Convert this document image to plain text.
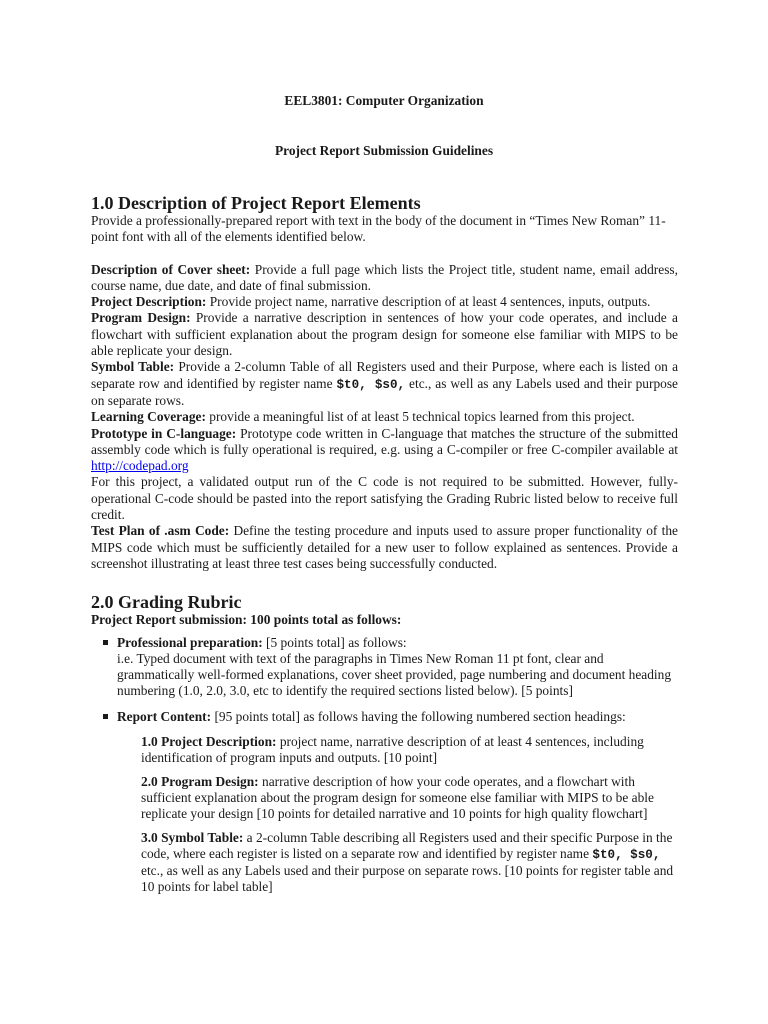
EEL3801: Computer Organization

Project Report Submission Guidelines

1.0 Description of Project Report Elements

Provide a professionally-prepared report with text in the body of the document in “Times New Roman” 11-point font with all of the elements identified below.

Description of Cover sheet: Provide a full page which lists the Project title, student name, email address, course name, due date, and date of final submission.

Project Description: Provide project name, narrative description of at least 4 sentences, inputs, outputs.

Program Design: Provide a narrative description in sentences of how your code operates, and include a flowchart with sufficient explanation about the program design for someone else familiar with MIPS to be able replicate your design.

Symbol Table: Provide a 2-column Table of all Registers used and their Purpose, where each is listed on a separate row and identified by register name $t0, $s0, etc., as well as any Labels used and their purpose on separate rows.

Learning Coverage: provide a meaningful list of at least 5 technical topics learned from this project.

Prototype in C-language: Prototype code written in C-language that matches the structure of the submitted assembly code which is fully operational is required, e.g. using a C-compiler or free C-compiler available at http://codepad.org

For this project, a validated output run of the C code is not required to be submitted. However, fully-operational C-code should be pasted into the report satisfying the Grading Rubric listed below to receive full credit.

Test Plan of .asm Code: Define the testing procedure and inputs used to assure proper functionality of the MIPS code which must be sufficiently detailed for a new user to follow explained as sentences. Provide a screenshot illustrating at least three test cases being successfully conducted.

2.0 Grading Rubric

Project Report submission: 100 points total as follows:

Professional preparation: [5 points total] as follows:
i.e. Typed document with text of the paragraphs in Times New Roman 11 pt font, clear and grammatically well-formed explanations, cover sheet provided, page numbering and document heading numbering (1.0, 2.0, 3.0, etc to identify the required sections listed below). [5 points]
Report Content: [95 points total] as follows having the following numbered section headings:

1.0 Project Description: project name, narrative description of at least 4 sentences, including identification of program inputs and outputs. [10 point]

2.0 Program Design: narrative description of how your code operates, and a flowchart with sufficient explanation about the program design for someone else familiar with MIPS to be able replicate your design [10 points for detailed narrative and 10 points for high quality flowchart]

3.0 Symbol Table: a 2-column Table describing all Registers used and their specific Purpose in the code, where each register is listed on a separate row and identified by register name $t0, $s0, etc., as well as any Labels used and their purpose on separate rows. [10 points for register table and 10 points for label table]
